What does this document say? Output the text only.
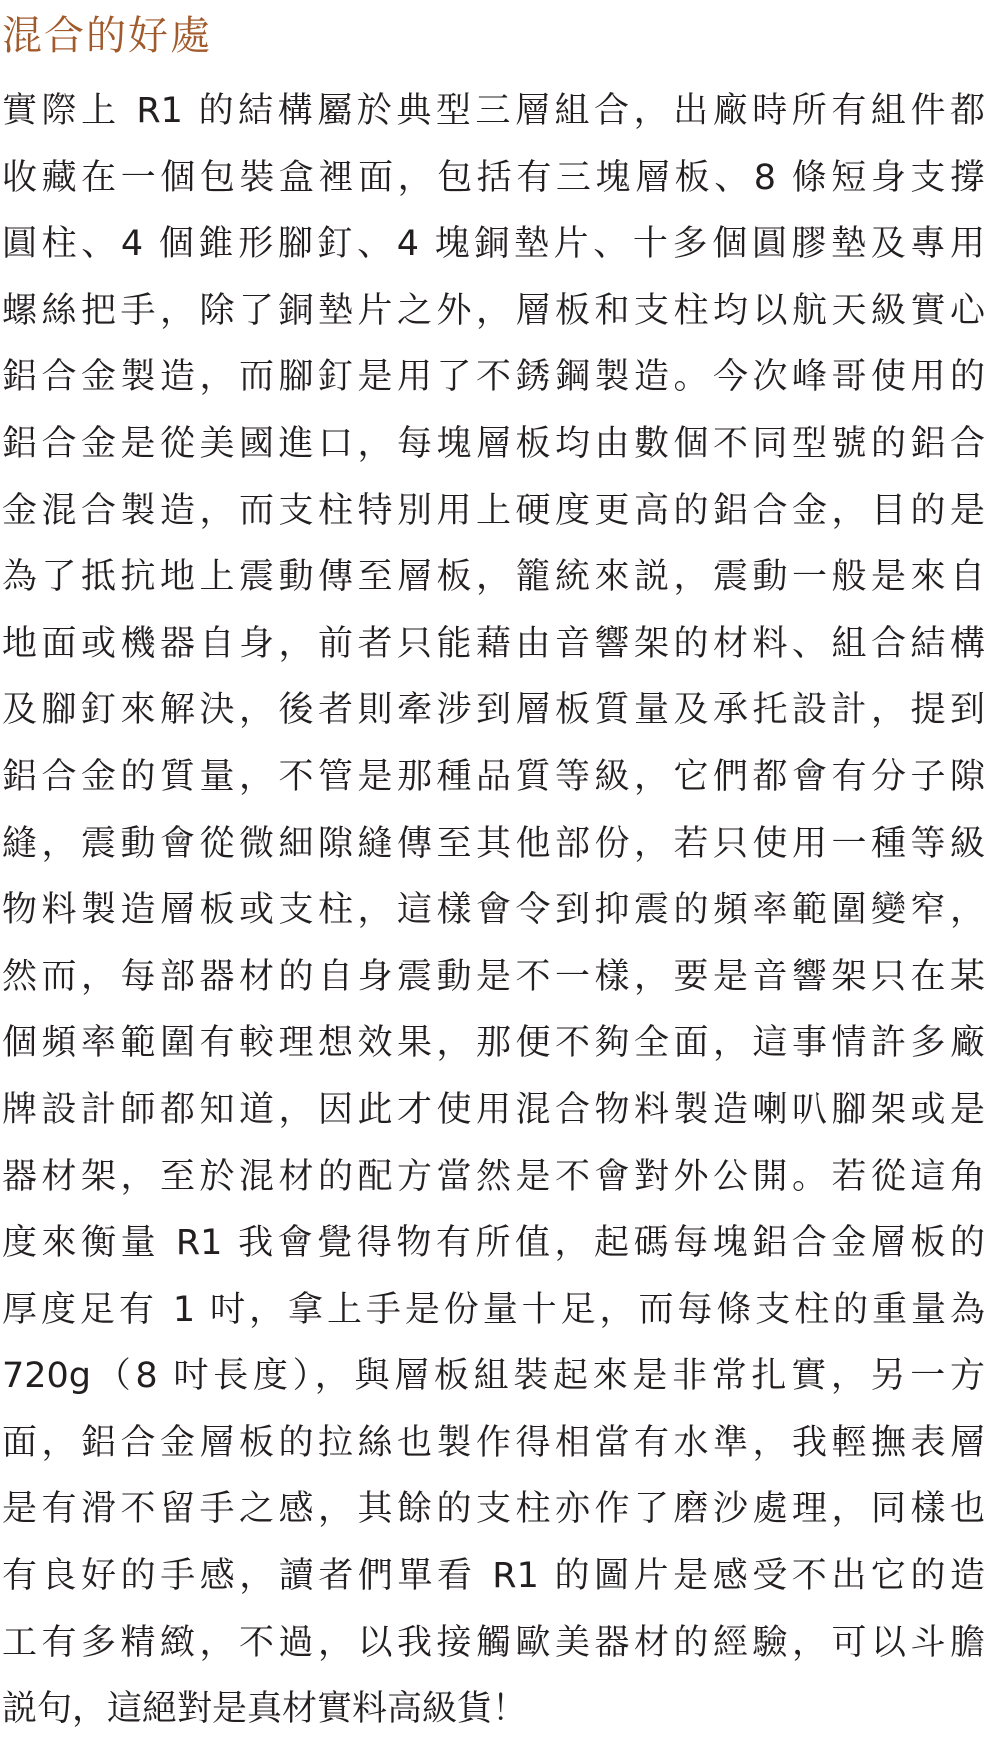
混合的好處
實際上 R1 的結構屬於典型三層組合，出廠時所有組件都
收藏在一個包裝盒裡面，包括有三塊層板、8 條短身支撐
圓柱、4 個錐形腳釘、4 塊銅墊片、十多個圓膠墊及專用
螺絲把手，除了銅墊片之外，層板和支柱均以航天級實心
鋁合金製造，而腳釘是用了不銹鋼製造。今次峰哥使用的
鋁合金是從美國進口，每塊層板均由數個不同型號的鋁合
金混合製造，而支柱特別用上硬度更高的鋁合金，目的是
為了抵抗地上震動傳至層板，籠統來説，震動一般是來自
地面或機器自身，前者只能藉由音響架的材料、組合結構
及腳釘來解決，後者則牽涉到層板質量及承托設計，提到
鋁合金的質量，不管是那種品質等級，它們都會有分子隙
縫，震動會從微細隙縫傳至其他部份，若只使用一種等級
物料製造層板或支柱，這樣會令到抑震的頻率範圍變窄，
然而，每部器材的自身震動是不一樣，要是音響架只在某
個頻率範圍有較理想效果，那便不夠全面，這事情許多廠
牌設計師都知道，因此才使用混合物料製造喇叭腳架或是
器材架，至於混材的配方當然是不會對外公開。若從這角
度來衡量 R1 我會覺得物有所值，起碼每塊鋁合金層板的
厚度足有 1 吋，拿上手是份量十足，而每條支柱的重量為
720g（8 吋長度），與層板組裝起來是非常扎實，另一方
面，鋁合金層板的拉絲也製作得相當有水準，我輕撫表層
是有滑不留手之感，其餘的支柱亦作了磨沙處理，同樣也
有良好的手感，讀者們單看 R1 的圖片是感受不出它的造
工有多精緻，不過，以我接觸歐美器材的經驗，可以斗膽
説句，這絕對是真材實料高級貨！
